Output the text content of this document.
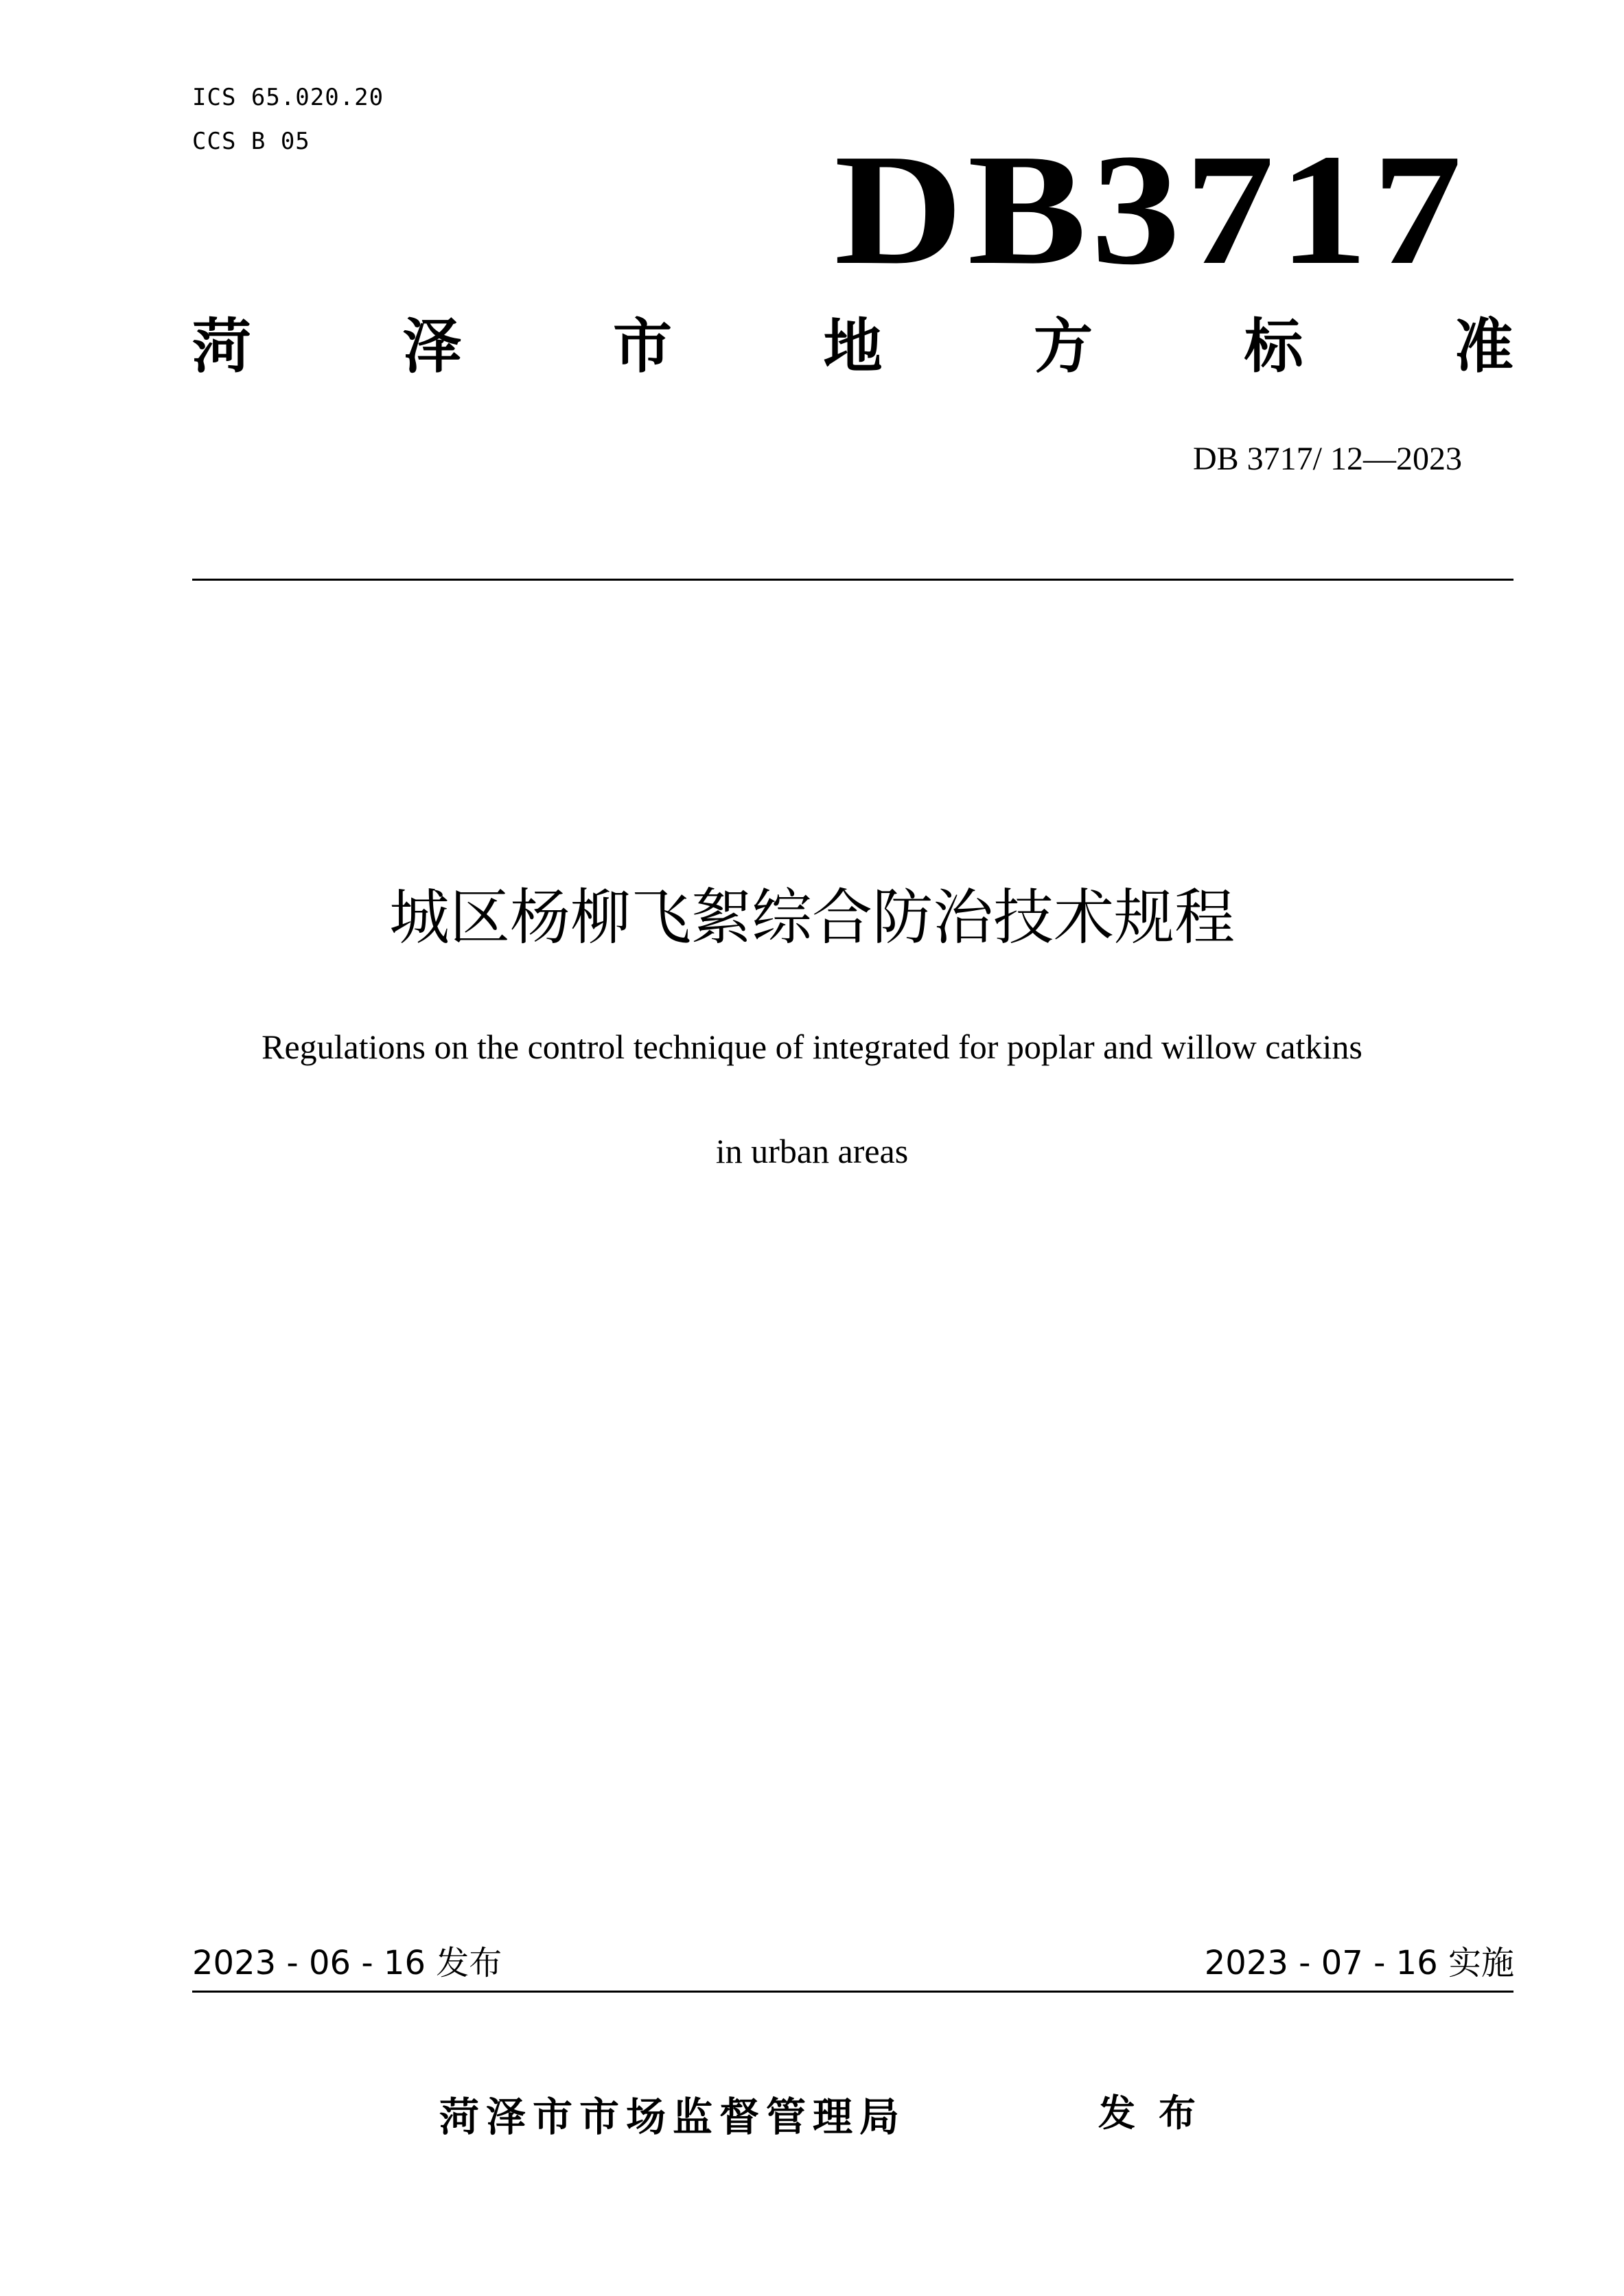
ICS 65.020.20
CCS B 05	DB3717
菏	泽	市	地	方	标	准
DB 3717/ 12—2023
城区杨柳飞絮综合防治技术规程
Regulations on the control technique of integrated for poplar and willow catkins
in urban areas
2023 - 06 - 16 发布	2023 - 07 - 16 实施
菏泽市市场监督管理局	发布
